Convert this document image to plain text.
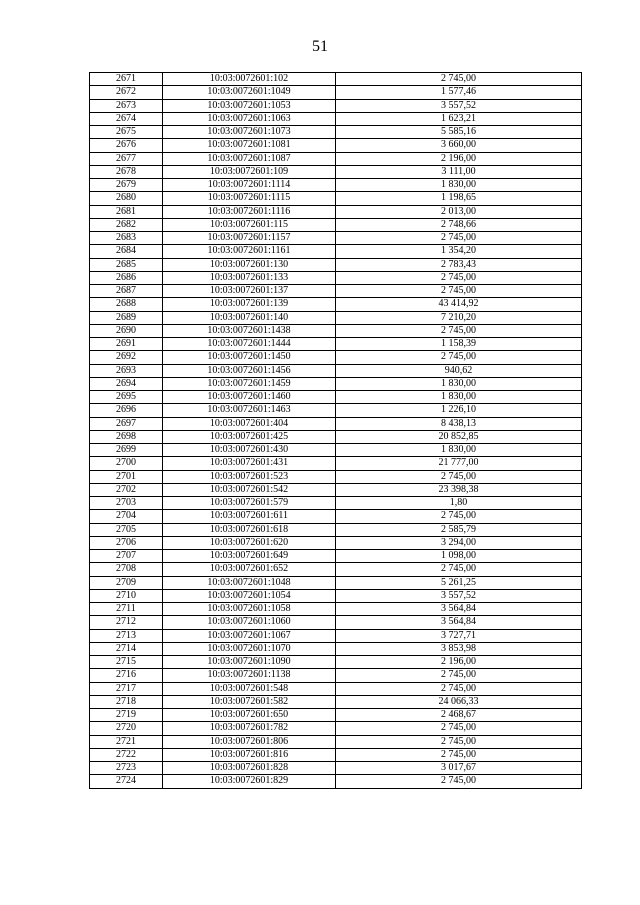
51
2671	10:03:0072601:102	2 745,00
2672	10:03:0072601:1049	1 577,46
2673	10:03:0072601:1053	3 557,52
2674	10:03:0072601:1063	1 623,21
2675	10:03:0072601:1073	5 585,16
2676	10:03:0072601:1081	3 660,00
2677	10:03:0072601:1087	2 196,00
2678	10:03:0072601:109	3 111,00
2679	10:03:0072601:1114	1 830,00
2680	10:03:0072601:1115	1 198,65
2681	10:03:0072601:1116	2 013,00
2682	10:03:0072601:115	2 748,66
2683	10:03:0072601:1157	2 745,00
2684	10:03:0072601:1161	1 354,20
2685	10:03:0072601:130	2 783,43
2686	10:03:0072601:133	2 745,00
2687	10:03:0072601:137	2 745,00
2688	10:03:0072601:139	43 414,92
2689	10:03:0072601:140	7 210,20
2690	10:03:0072601:1438	2 745,00
2691	10:03:0072601:1444	1 158,39
2692	10:03:0072601:1450	2 745,00
2693	10:03:0072601:1456	940,62
2694	10:03:0072601:1459	1 830,00
2695	10:03:0072601:1460	1 830,00
2696	10:03:0072601:1463	1 226,10
2697	10:03:0072601:404	8 438,13
2698	10:03:0072601:425	20 852,85
2699	10:03:0072601:430	1 830,00
2700	10:03:0072601:431	21 777,00
2701	10:03:0072601:523	2 745,00
2702	10:03:0072601:542	23 398,38
2703	10:03:0072601:579	1,80
2704	10:03:0072601:611	2 745,00
2705	10:03:0072601:618	2 585,79
2706	10:03:0072601:620	3 294,00
2707	10:03:0072601:649	1 098,00
2708	10:03:0072601:652	2 745,00
2709	10:03:0072601:1048	5 261,25
2710	10:03:0072601:1054	3 557,52
2711	10:03:0072601:1058	3 564,84
2712	10:03:0072601:1060	3 564,84
2713	10:03:0072601:1067	3 727,71
2714	10:03:0072601:1070	3 853,98
2715	10:03:0072601:1090	2 196,00
2716	10:03:0072601:1138	2 745,00
2717	10:03:0072601:548	2 745,00
2718	10:03:0072601:582	24 066,33
2719	10:03:0072601:650	2 468,67
2720	10:03:0072601:782	2 745,00
2721	10:03:0072601:806	2 745,00
2722	10:03:0072601:816	2 745,00
2723	10:03:0072601:828	3 017,67
2724	10:03:0072601:829	2 745,00
